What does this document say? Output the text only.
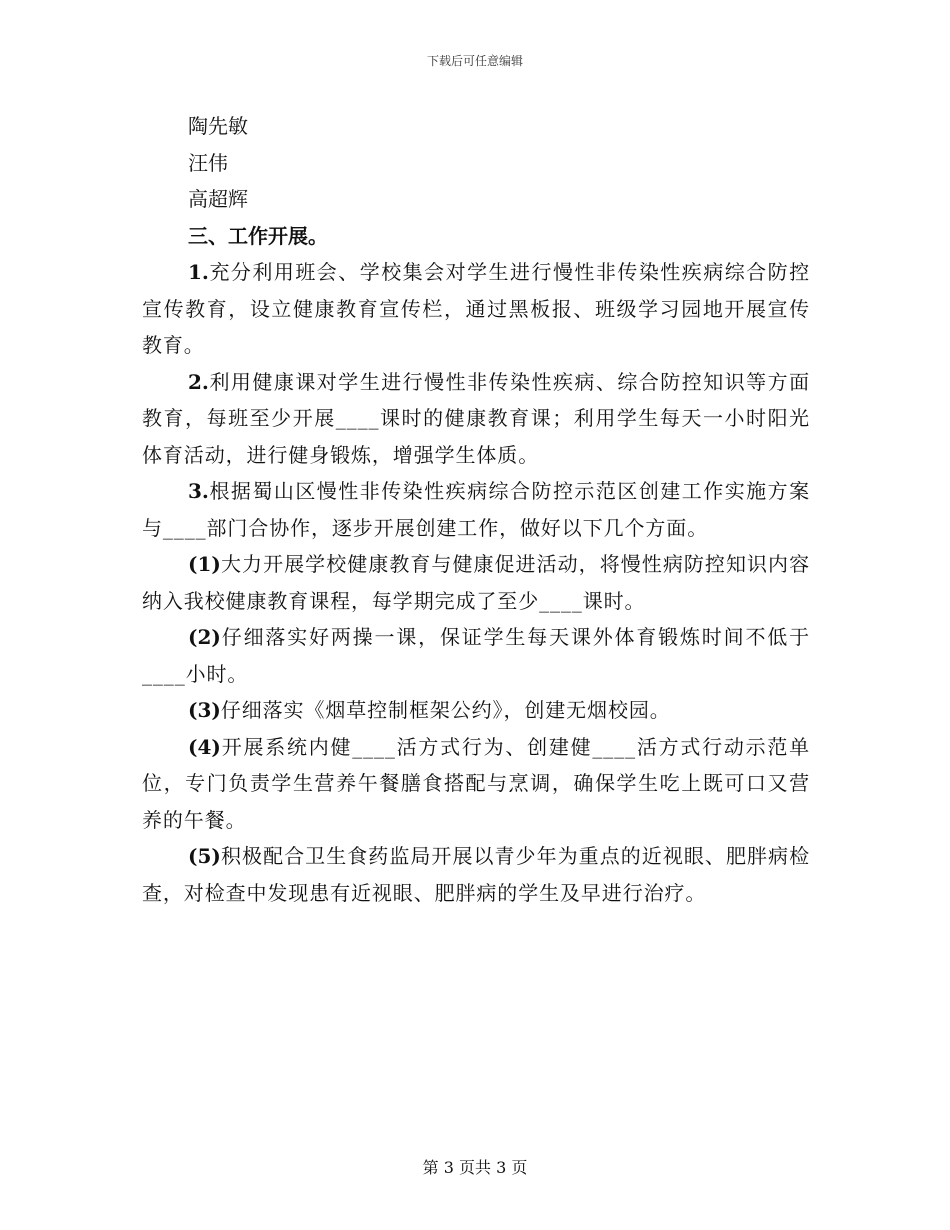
下载后可任意编辑

陶先敏

汪伟

高超辉

三、工作开展。

1.充分利用班会、学校集会对学生进行慢性非传染性疾病综合防控宣传教育，设立健康教育宣传栏，通过黑板报、班级学习园地开展宣传教育。

2.利用健康课对学生进行慢性非传染性疾病、综合防控知识等方面教育，每班至少开展____课时的健康教育课；利用学生每天一小时阳光体育活动，进行健身锻炼，增强学生体质。

3.根据蜀山区慢性非传染性疾病综合防控示范区创建工作实施方案与____部门合协作，逐步开展创建工作，做好以下几个方面。

(1)大力开展学校健康教育与健康促进活动，将慢性病防控知识内容纳入我校健康教育课程，每学期完成了至少____课时。

(2)仔细落实好两操一课，保证学生每天课外体育锻炼时间不低于____小时。

(3)仔细落实《烟草控制框架公约》，创建无烟校园。

(4)开展系统内健____活方式行为、创建健____活方式行动示范单位，专门负责学生营养午餐膳食搭配与烹调，确保学生吃上既可口又营养的午餐。

(5)积极配合卫生食药监局开展以青少年为重点的近视眼、肥胖病检查，对检查中发现患有近视眼、肥胖病的学生及早进行治疗。

第 3 页共 3 页
